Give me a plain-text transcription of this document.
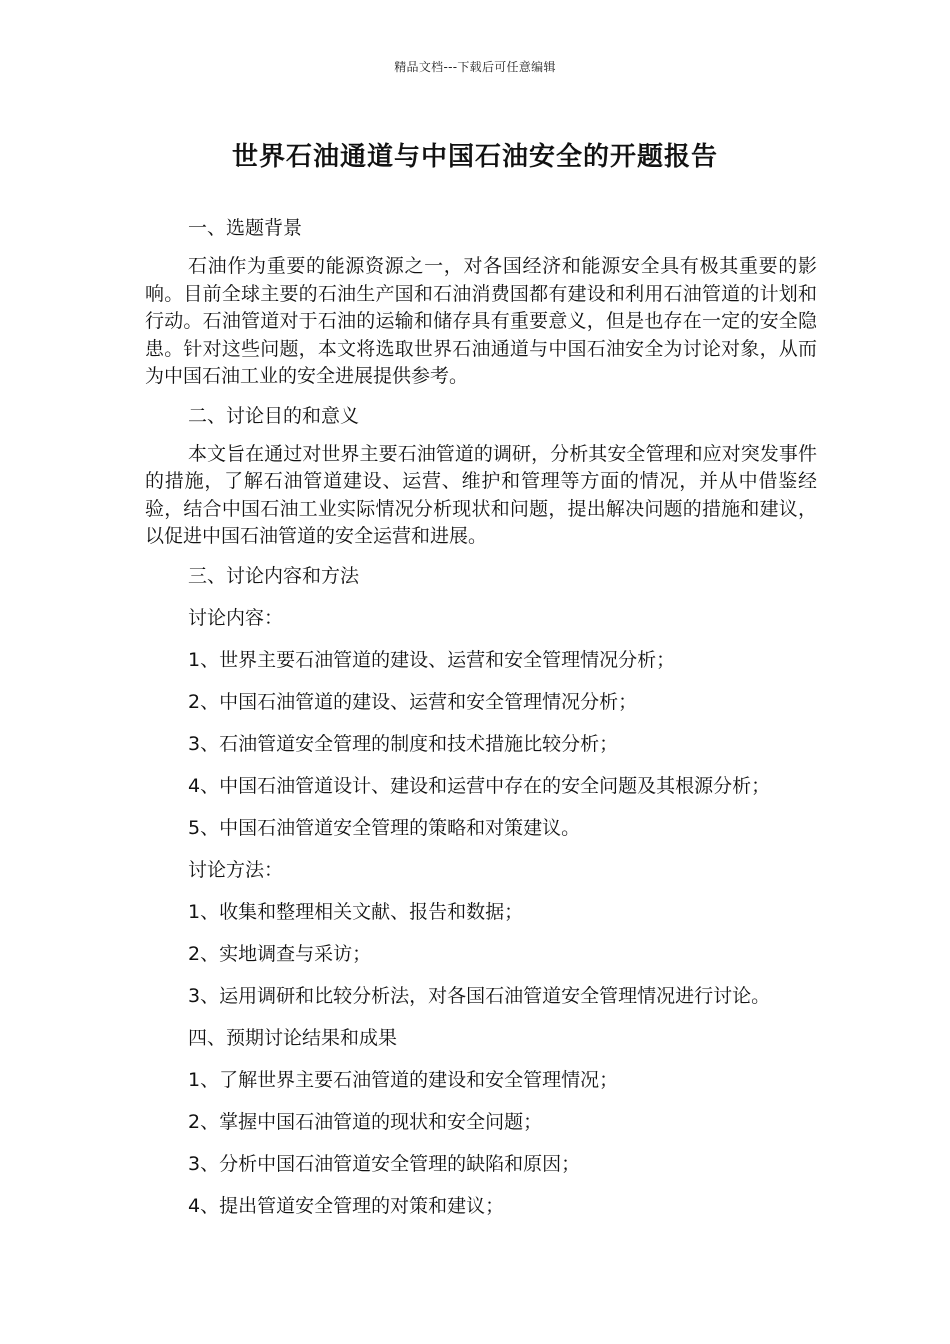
精品文档---下载后可任意编辑
世界石油通道与中国石油安全的开题报告

一、选题背景

石油作为重要的能源资源之一，对各国经济和能源安全具有极其重要的影响。目前全球主要的石油生产国和石油消费国都有建设和利用石油管道的计划和行动。石油管道对于石油的运输和储存具有重要意义，但是也存在一定的安全隐患。针对这些问题，本文将选取世界石油通道与中国石油安全为讨论对象，从而为中国石油工业的安全进展提供参考。

二、讨论目的和意义

本文旨在通过对世界主要石油管道的调研，分析其安全管理和应对突发事件的措施，了解石油管道建设、运营、维护和管理等方面的情况，并从中借鉴经验，结合中国石油工业实际情况分析现状和问题，提出解决问题的措施和建议，以促进中国石油管道的安全运营和进展。

三、讨论内容和方法

讨论内容：

1、世界主要石油管道的建设、运营和安全管理情况分析；

2、中国石油管道的建设、运营和安全管理情况分析；

3、石油管道安全管理的制度和技术措施比较分析；

4、中国石油管道设计、建设和运营中存在的安全问题及其根源分析；

5、中国石油管道安全管理的策略和对策建议。

讨论方法：

1、收集和整理相关文献、报告和数据；

2、实地调查与采访；

3、运用调研和比较分析法，对各国石油管道安全管理情况进行讨论。

四、预期讨论结果和成果

1、了解世界主要石油管道的建设和安全管理情况；

2、掌握中国石油管道的现状和安全问题；

3、分析中国石油管道安全管理的缺陷和原因；

4、提出管道安全管理的对策和建议；
